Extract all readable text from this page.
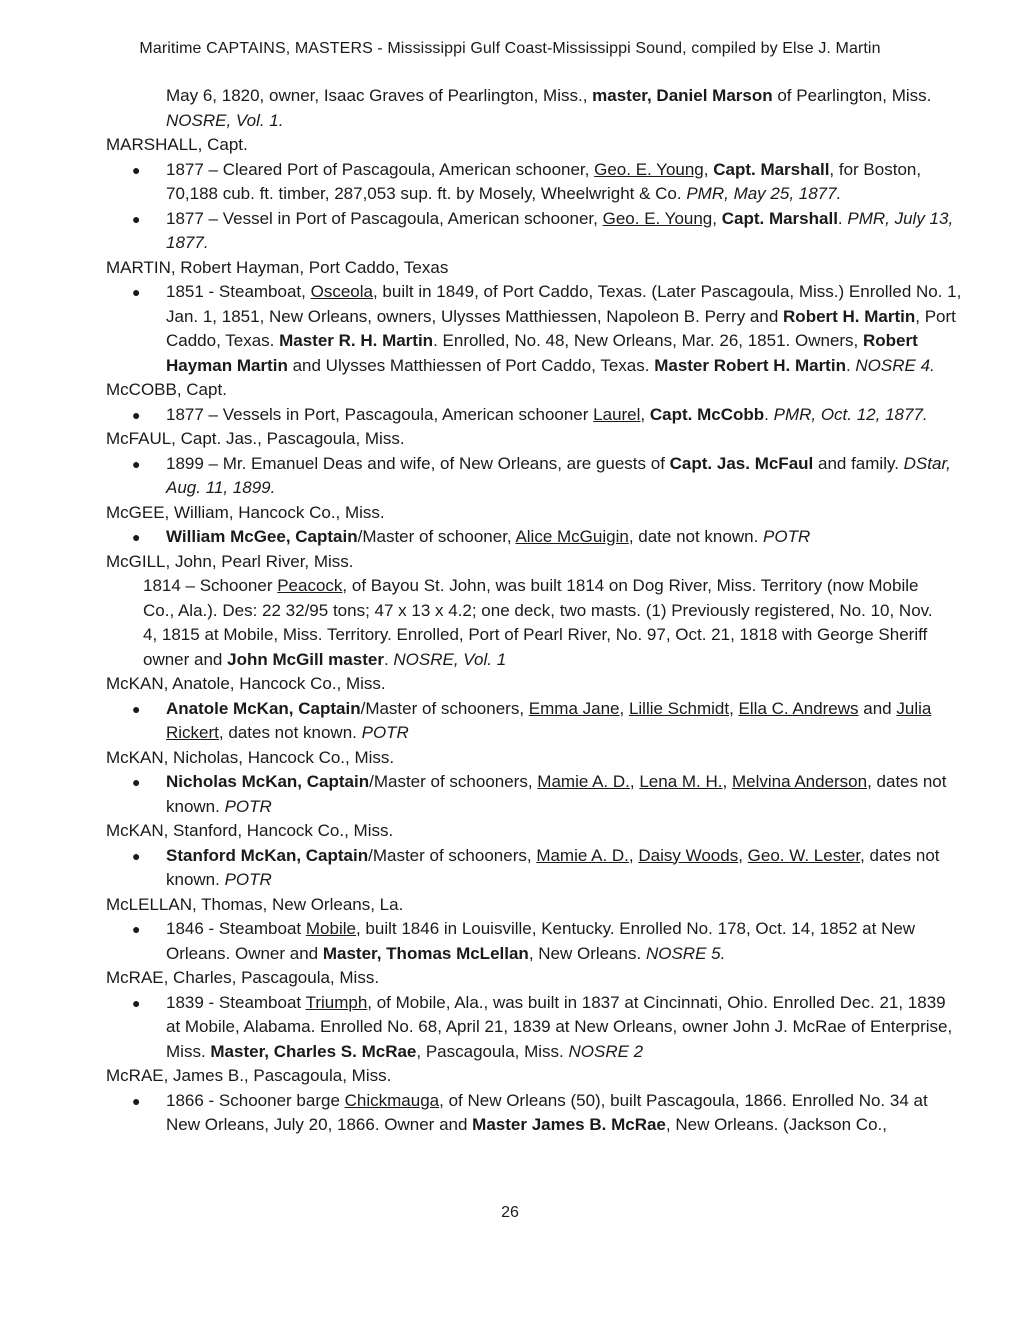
Maritime CAPTAINS, MASTERS - Mississippi Gulf Coast-Mississippi Sound, compiled by Else J. Martin
May 6, 1820, owner, Isaac Graves of Pearlington, Miss., master, Daniel Marson of Pearlington, Miss. NOSRE, Vol. 1.
MARSHALL, Capt.
● 1877 – Cleared Port of Pascagoula, American schooner, Geo. E. Young, Capt. Marshall, for Boston, 70,188 cub. ft. timber, 287,053 sup. ft. by Mosely, Wheelwright & Co. PMR, May 25, 1877.
● 1877 – Vessel in Port of Pascagoula, American schooner, Geo. E. Young, Capt. Marshall. PMR, July 13, 1877.
MARTIN, Robert Hayman, Port Caddo, Texas
● 1851 - Steamboat, Osceola, built in 1849, of Port Caddo, Texas. (Later Pascagoula, Miss.) Enrolled No. 1, Jan. 1, 1851, New Orleans, owners, Ulysses Matthiessen, Napoleon B. Perry and Robert H. Martin, Port Caddo, Texas. Master R. H. Martin. Enrolled, No. 48, New Orleans, Mar. 26, 1851. Owners, Robert Hayman Martin and Ulysses Matthiessen of Port Caddo, Texas. Master Robert H. Martin. NOSRE 4.
McCOBB, Capt.
● 1877 – Vessels in Port, Pascagoula, American schooner Laurel, Capt. McCobb. PMR, Oct. 12, 1877.
McFAUL, Capt. Jas., Pascagoula, Miss.
● 1899 – Mr. Emanuel Deas and wife, of New Orleans, are guests of Capt. Jas. McFaul and family. DStar, Aug. 11, 1899.
McGEE, William, Hancock Co., Miss.
● William McGee, Captain/Master of schooner, Alice McGuigin, date not known. POTR
McGILL, John, Pearl River, Miss.
1814 – Schooner Peacock, of Bayou St. John, was built 1814 on Dog River, Miss. Territory (now Mobile Co., Ala.). Des: 22 32/95 tons; 47 x 13 x 4.2; one deck, two masts. (1) Previously registered, No. 10, Nov. 4, 1815 at Mobile, Miss. Territory. Enrolled, Port of Pearl River, No. 97, Oct. 21, 1818 with George Sheriff owner and John McGill master. NOSRE, Vol. 1
McKAN, Anatole, Hancock Co., Miss.
● Anatole McKan, Captain/Master of schooners, Emma Jane, Lillie Schmidt, Ella C. Andrews and Julia Rickert, dates not known. POTR
McKAN, Nicholas, Hancock Co., Miss.
● Nicholas McKan, Captain/Master of schooners, Mamie A. D., Lena M. H., Melvina Anderson, dates not known. POTR
McKAN, Stanford, Hancock Co., Miss.
● Stanford McKan, Captain/Master of schooners, Mamie A. D., Daisy Woods, Geo. W. Lester, dates not known. POTR
McLELLAN, Thomas, New Orleans, La.
● 1846 - Steamboat Mobile, built 1846 in Louisville, Kentucky. Enrolled No. 178, Oct. 14, 1852 at New Orleans. Owner and Master, Thomas McLellan, New Orleans. NOSRE 5.
McRAE, Charles, Pascagoula, Miss.
● 1839 - Steamboat Triumph, of Mobile, Ala., was built in 1837 at Cincinnati, Ohio. Enrolled Dec. 21, 1839 at Mobile, Alabama. Enrolled No. 68, April 21, 1839 at New Orleans, owner John J. McRae of Enterprise, Miss. Master, Charles S. McRae, Pascagoula, Miss. NOSRE 2
McRAE, James B., Pascagoula, Miss.
● 1866 - Schooner barge Chickmauga, of New Orleans (50), built Pascagoula, 1866. Enrolled No. 34 at New Orleans, July 20, 1866. Owner and Master James B. McRae, New Orleans. (Jackson Co.,
26
